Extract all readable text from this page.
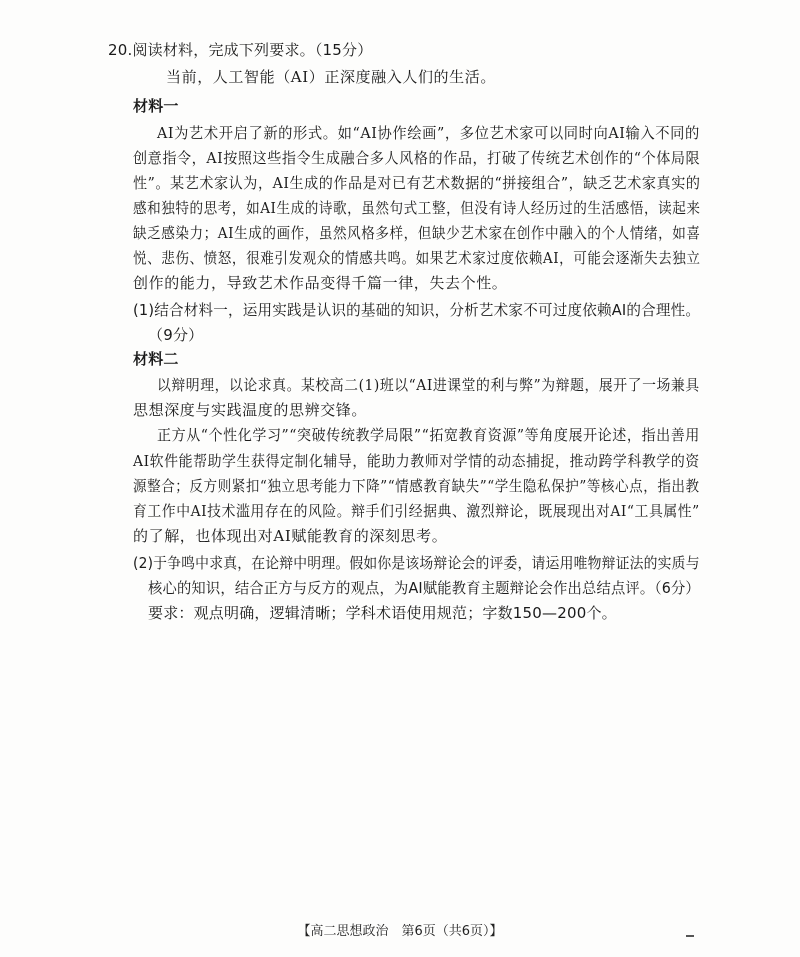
20.阅读材料，完成下列要求。（15分）
当前，人工智能（AI）正深度融入人们的生活。
材料一
AI为艺术开启了新的形式。如“AI协作绘画”，多位艺术家可以同时向AI输入不同的
创意指令，AI按照这些指令生成融合多人风格的作品，打破了传统艺术创作的“个体局限
性”。某艺术家认为，AI生成的作品是对已有艺术数据的“拼接组合”，缺乏艺术家真实的
感和独特的思考，如AI生成的诗歌，虽然句式工整，但没有诗人经历过的生活感悟，读起来
缺乏感染力；AI生成的画作，虽然风格多样，但缺少艺术家在创作中融入的个人情绪，如喜
悦、悲伤、愤怒，很难引发观众的情感共鸣。如果艺术家过度依赖AI，可能会逐渐失去独立
创作的能力，导致艺术作品变得千篇一律，失去个性。
(1)结合材料一，运用实践是认识的基础的知识，分析艺术家不可过度依赖AI的合理性。
（9分）
材料二
以辩明理，以论求真。某校高二(1)班以“AI进课堂的利与弊”为辩题，展开了一场兼具
思想深度与实践温度的思辨交锋。
正方从“个性化学习”“突破传统教学局限”“拓宽教育资源”等角度展开论述，指出善用
AI软件能帮助学生获得定制化辅导，能助力教师对学情的动态捕捉，推动跨学科教学的资
源整合；反方则紧扣“独立思考能力下降”“情感教育缺失”“学生隐私保护”等核心点，指出教
育工作中AI技术滥用存在的风险。辩手们引经据典、激烈辩论，既展现出对AI“工具属性”
的了解，也体现出对AI赋能教育的深刻思考。
(2)于争鸣中求真，在论辩中明理。假如你是该场辩论会的评委，请运用唯物辩证法的实质与
核心的知识，结合正方与反方的观点，为AI赋能教育主题辩论会作出总结点评。（6分）
要求：观点明确，逻辑清晰；学科术语使用规范；字数150—200个。
【高二思想政治　第6页（共6页）】
